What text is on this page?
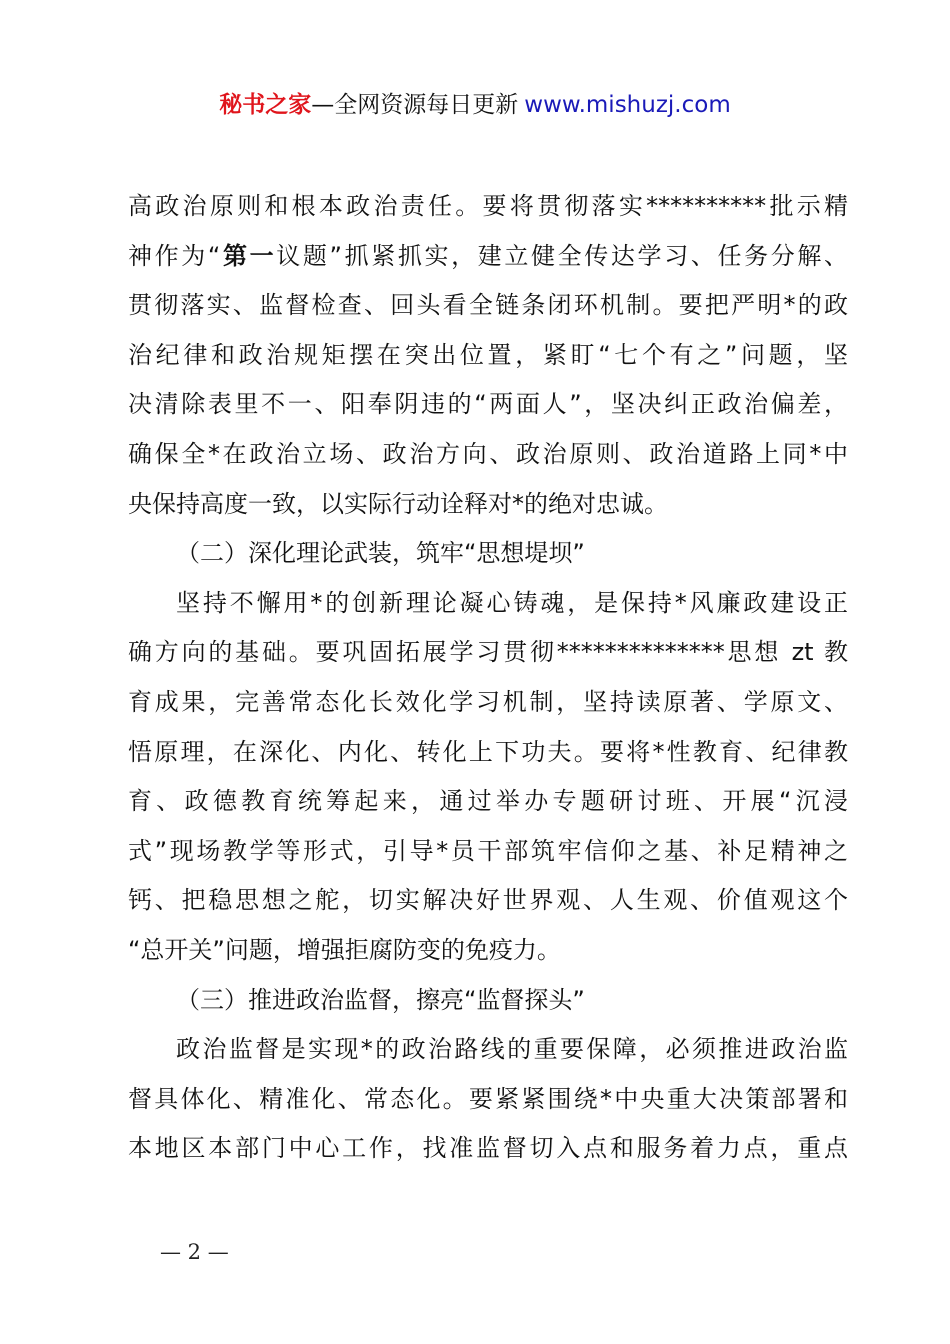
秘书之家—全网资源每日更新 www.mishuzj.com
高政治原则和根本政治责任。要将贯彻落实**********批示精
神作为“第一议题”抓紧抓实，建立健全传达学习、任务分解、
贯彻落实、监督检查、回头看全链条闭环机制。要把严明*的政
治纪律和政治规矩摆在突出位置，紧盯“七个有之”问题，坚
决清除表里不一、阳奉阴违的“两面人”，坚决纠正政治偏差，
确保全*在政治立场、政治方向、政治原则、政治道路上同*中
央保持高度一致，以实际行动诠释对*的绝对忠诚。
（二）深化理论武装，筑牢“思想堤坝”
坚持不懈用*的创新理论凝心铸魂，是保持*风廉政建设正
确方向的基础。要巩固拓展学习贯彻**************思想 zt 教
育成果，完善常态化长效化学习机制，坚持读原著、学原文、
悟原理，在深化、内化、转化上下功夫。要将*性教育、纪律教
育、政德教育统筹起来，通过举办专题研讨班、开展“沉浸
式”现场教学等形式，引导*员干部筑牢信仰之基、补足精神之
钙、把稳思想之舵，切实解决好世界观、人生观、价值观这个
“总开关”问题，增强拒腐防变的免疫力。
（三）推进政治监督，擦亮“监督探头”
政治监督是实现*的政治路线的重要保障，必须推进政治监
督具体化、精准化、常态化。要紧紧围绕*中央重大决策部署和
本地区本部门中心工作，找准监督切入点和服务着力点，重点
— 2 —
